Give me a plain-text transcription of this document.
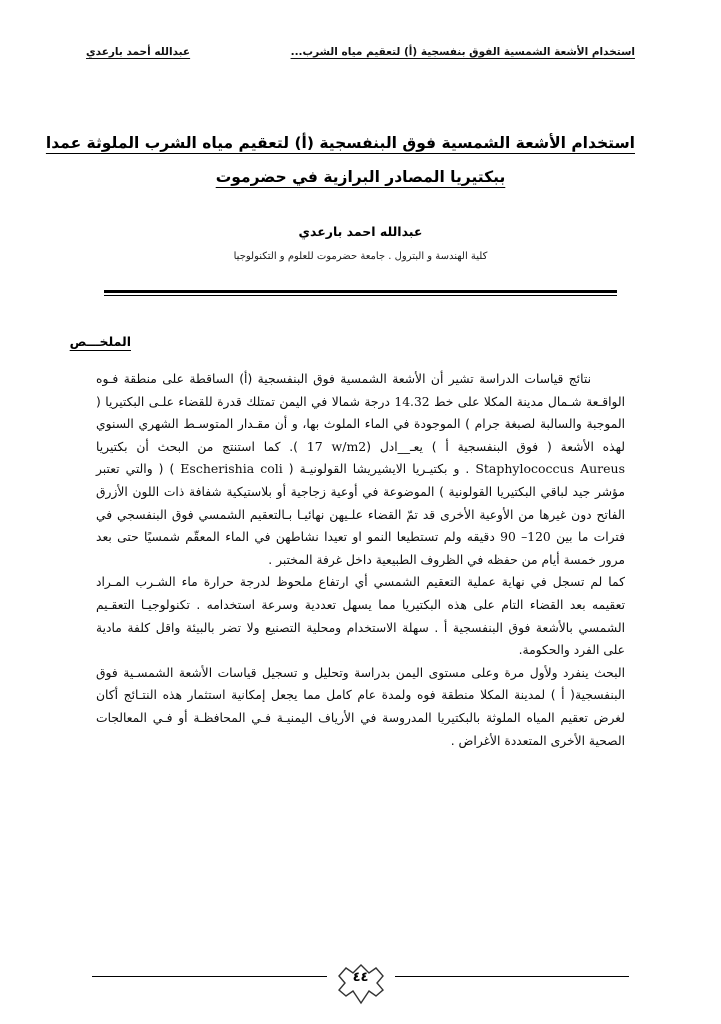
عبدالله أحمد بارعدي	استخدام الأشعة الشمسية الفوق بنفسجية (أ) لتعقيم مياه الشرب...
استخدام الأشعة الشمسية فوق البنفسجية (أ) لتعقيم مياه الشرب الملوثة عمدا
ببكتيريا المصادر البرازية في حضرموت
عبدالله احمد بارعدي
كلية الهندسة و البترول . جامعة حضرموت للعلوم و التكنولوجيا
الملخـــص

نتائج قياسات الدراسة تشير أن الأشعة الشمسية فوق البنفسجية (أ) الساقطة على منطقة فـوه الواقـعة شـمال مدينة المكلا على خط 14.32 درجة شمالا في اليمن تمتلك قدرة للقضاء علـى البكتيريا ( الموجبة والسالبة لصبغة جرام ) الموجودة في الماء الملوث بها، و أن مقـدار المتوسـط الشهري السنوي لهذه الأشعة ( فوق البنفسجية أ ) يعـ__ادل (17 w/m2 ). كما استنتج من البحث أن بكتيريا Staphylococcus Aureus . و بكتيـريا الايشيريشا القولونيـة ( Escherishia coli ) ( والتي تعتبر مؤشر جيد لباقي البكتيريا القولونية ) الموضوعة في أوعية زجاجية أو بلاستيكية شفافة ذات اللون الأزرق الفاتح دون غيرها من الأوعية الأخرى قد تمّ القضاء علـيهن نهائيـا بـالتعقيم الشمسي فوق البنفسجي في فترات ما بين 90 –120 دقيقه ولم تستطيعا النمو او تعيدا نشاطهن في الماء المعقّم شمسيًا حتى بعد مرور خمسة أيام من حفظه في الظروف الطبيعية داخل غرفة المختبر .

كما لم تسجل في نهاية عملية التعقيم الشمسي أي ارتفاع ملحوظ لدرجة حرارة ماء الشـرب المـراد تعقيمه بعد القضاء التام على هذه البكتيريا مما يسهل تعددية وسرعة استخدامه . تكنولوجيـا التعقـيم الشمسي بالأشعة فوق البنفسجية أ . سهلة الاستخدام ومحلية التصنيع ولا تضر بالبيئة واقل كلفة مادية على الفرد والحكومة.

البحث ينفرد ولأول مرة وعلى مستوى اليمن بدراسة وتحليل و تسجيل قياسات الأشعة الشمسـية فوق البنفسجية( أ ) لمدينة المكلا منطقة فوه ولمدة عام كامل مما يجعل إمكانية استثمار هذه النتـائج أكان لغرض تعقيم المياه الملوثة بالبكتيريا المدروسة في الأرياف اليمنيـة فـي المحافظـة أو فـي المعالجات الصحية الأخرى المتعددة الأغراض .

٤٤
